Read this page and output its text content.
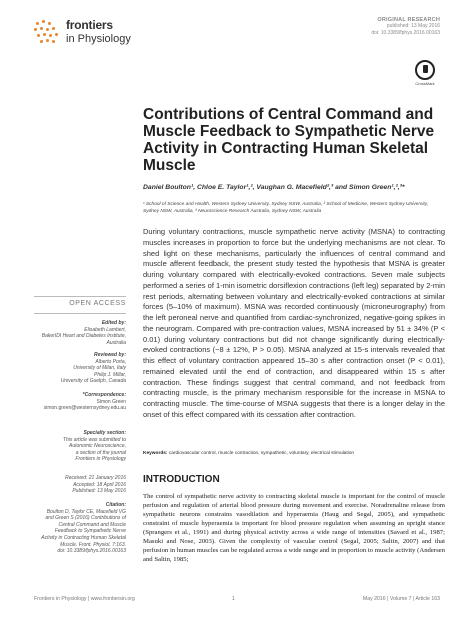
frontiers
in Physiology
ORIGINAL RESEARCH
published: 13 May 2016
doi: 10.3389/fphys.2016.00163
CrossMark
Contributions of Central Command and Muscle Feedback to Sympathetic Nerve Activity in Contracting Human Skeletal Muscle
Daniel Boulton¹, Chloe E. Taylor¹,², Vaughan G. Macefield²,³ and Simon Green¹,²,³*
¹ School of Science and Health, Western Sydney University, Sydney NSW, Australia, ² School of Medicine, Western Sydney University, Sydney NSW, Australia, ³ Neuroscience Research Australia, Sydney NSW, Australia
During voluntary contractions, muscle sympathetic nerve activity (MSNA) to contracting muscles increases in proportion to force but the underlying mechanisms are not clear. To shed light on these mechanisms, particularly the influences of central command and muscle afferent feedback, the present study tested the hypothesis that MSNA is greater during voluntary compared with electrically-evoked contractions. Seven male subjects performed a series of 1-min isometric dorsiflexion contractions (left leg) separated by 2-min rest periods, alternating between voluntary and electrically-evoked contractions at similar forces (5–10% of maximum). MSNA was recorded continuously (microneurography) from the left peroneal nerve and quantified from cardiac-synchronized, negative-going spikes in the neurogram. Compared with pre-contraction values, MSNA increased by 51 ± 34% (P < 0.01) during voluntary contractions but did not change significantly during electrically-evoked contractions (−8 ± 12%, P > 0.05). MSNA analyzed at 15-s intervals revealed that this effect of voluntary contraction appeared 15–30 s after contraction onset (P < 0.01), remained elevated until the end of contraction, and disappeared within 15 s after contraction. These findings suggest that central command, and not feedback from contracting muscle, is the primary mechanism responsible for the increase in MSNA to contracting muscle. The time-course of MSNA suggests that there is a longer delay in the onset of this effect compared with its cessation after contraction.
Keywords: cardiovascular control, muscle contraction, sympathetic, voluntary, electrical stimulation
INTRODUCTION
The control of sympathetic nerve activity to contracting skeletal muscle is important for the control of muscle perfusion and regulation of arterial blood pressure during movement and exercise. Noradrenaline release from sympathetic neurons constrains vasodilation and hyperaemia (Haug and Segal, 2005), and sympathetic constraint of muscle hyperaemia is important for blood pressure regulation when assuming an upright stance (Sprangers et al., 1991) and during physical activity across a wide range of intensities (Savard et al., 1987; Masuki and Nose, 2003). Given the complexity of vascular control (Segal, 2005; Saltin, 2007) and that perfusion in human muscles can be regulated across a wide range and in proportion to muscle activity (Andersen and Saltin, 1985;
OPEN ACCESS
Edited by:
Elisabeth Lambert,
BakerIDI Heart and Diabetes Institute,
Australia
Reviewed by:
Alberto Porta,
University of Milan, Italy
Philip J. Millar,
University of Guelph, Canada
*Correspondence:
Simon Green
simon.green@westernsydney.edu.au
Specialty section:
This article was submitted to
Autonomic Neuroscience,
a section of the journal
Frontiers in Physiology
Received: 21 January 2016
Accepted: 18 April 2016
Published: 13 May 2016
Citation:
Boulton D, Taylor CE, Macefield VG
and Green S (2016) Contributions of
Central Command and Muscle
Feedback to Sympathetic Nerve
Activity in Contracting Human Skeletal
Muscle. Front. Physiol. 7:163.
doi: 10.3389/fphys.2016.00163
Frontiers in Physiology | www.frontiersin.org	1	May 2016 | Volume 7 | Article 163
